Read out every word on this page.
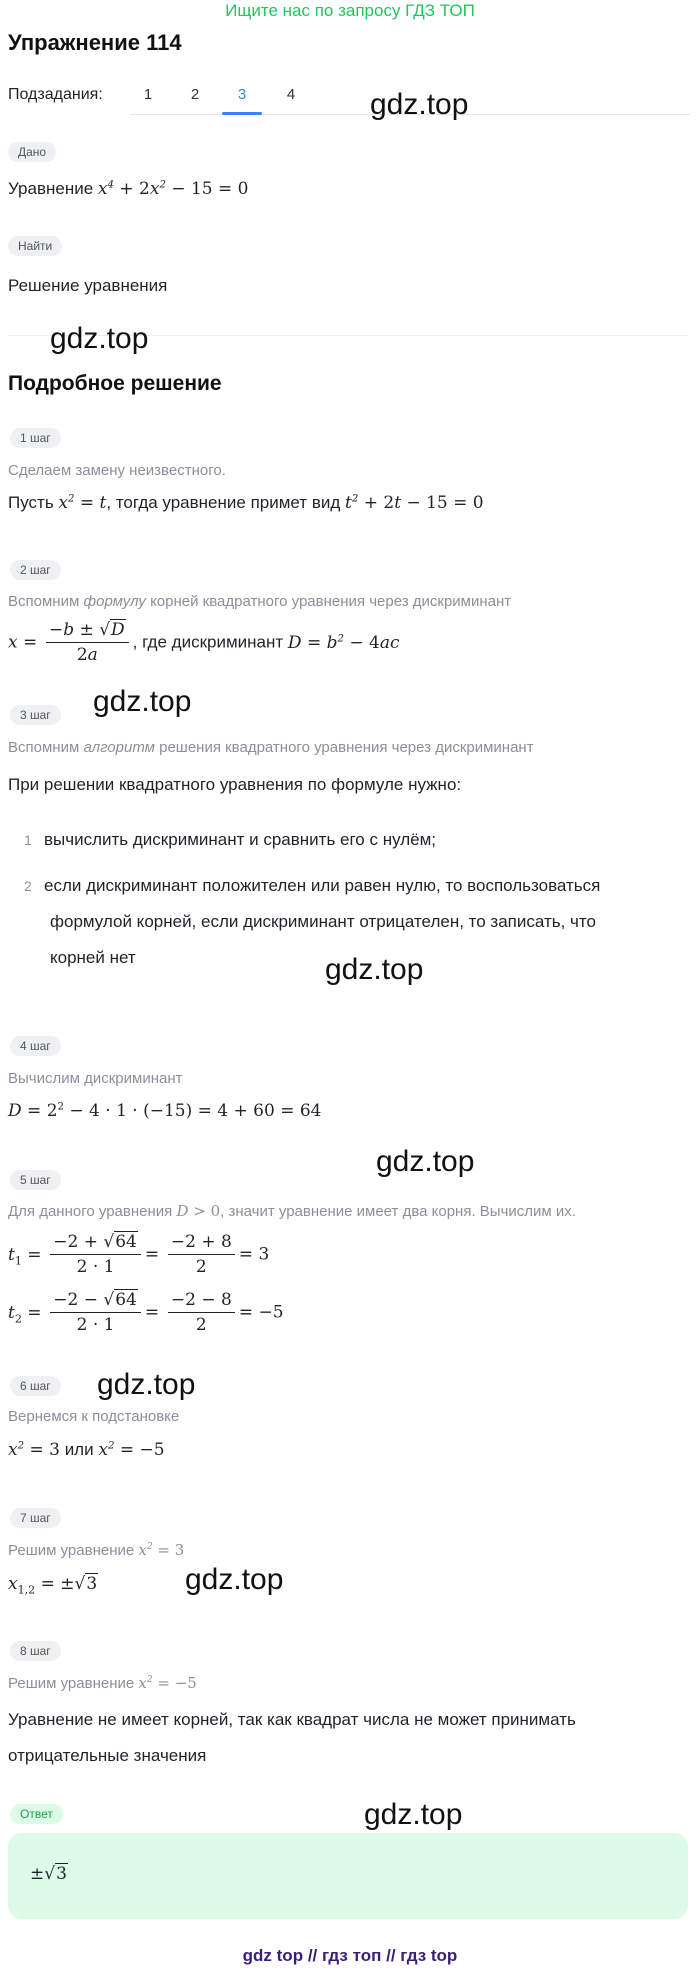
Ищите нас по запросу ГДЗ ТОП
Упражнение 114
Подзадания:	1	2	3	4	gdz.top
Дано
Уравнение $x^4 + 2x^2 - 15 = 0$
Найти
Решение уравнения
gdz.top
Подробное решение
1 шаг
Сделаем замену неизвестного.
Пусть $x^2 = t$, тогда уравнение примет вид $t^2 + 2t - 15 = 0$
2 шаг
Вспомним формулу корней квадратного уравнения через дискриминант
$x = \frac{-b \pm √D}{2a}$ , где дискриминант $D = b^2 - 4ac$
3 шаг	gdz.top
Вспомним алгоритм решения квадратного уравнения через дискриминант
При решении квадратного уравнения по формуле нужно:
1 вычислить дискриминант и сравнить его с нулём;
2 если дискриминант положителен или равен нулю, то воспользоваться
формулой корней, если дискриминант отрицателен, то записать, что
корней нет	gdz.top
4 шаг
Вычислим дискриминант
$D = 2^2 - 4 \cdot 1 \cdot (-15) = 4 + 60 = 64$
gdz.top
5 шаг
Для данного уравнения D > 0, значит уравнение имеет два корня. Вычислим их.
$t_1 = \frac{-2 + √64}{2 \cdot 1} = \frac{-2 + 8}{2} = 3$
$t_2 = \frac{-2 - √64}{2 \cdot 1} = \frac{-2 - 8}{2} = -5$
6 шаг	gdz.top
Вернемся к подстановке
$x^2 = 3$ или $x^2 = -5$
7 шаг
Решим уравнение $x^2 = 3$
$x_{1,2} = \pm√3$	gdz.top
8 шаг
Решим уравнение $x^2 = -5$
Уравнение не имеет корней, так как квадрат числа не может принимать
отрицательные значения
Ответ	gdz.top
±√3
gdz top // гдз топ // гдз top
